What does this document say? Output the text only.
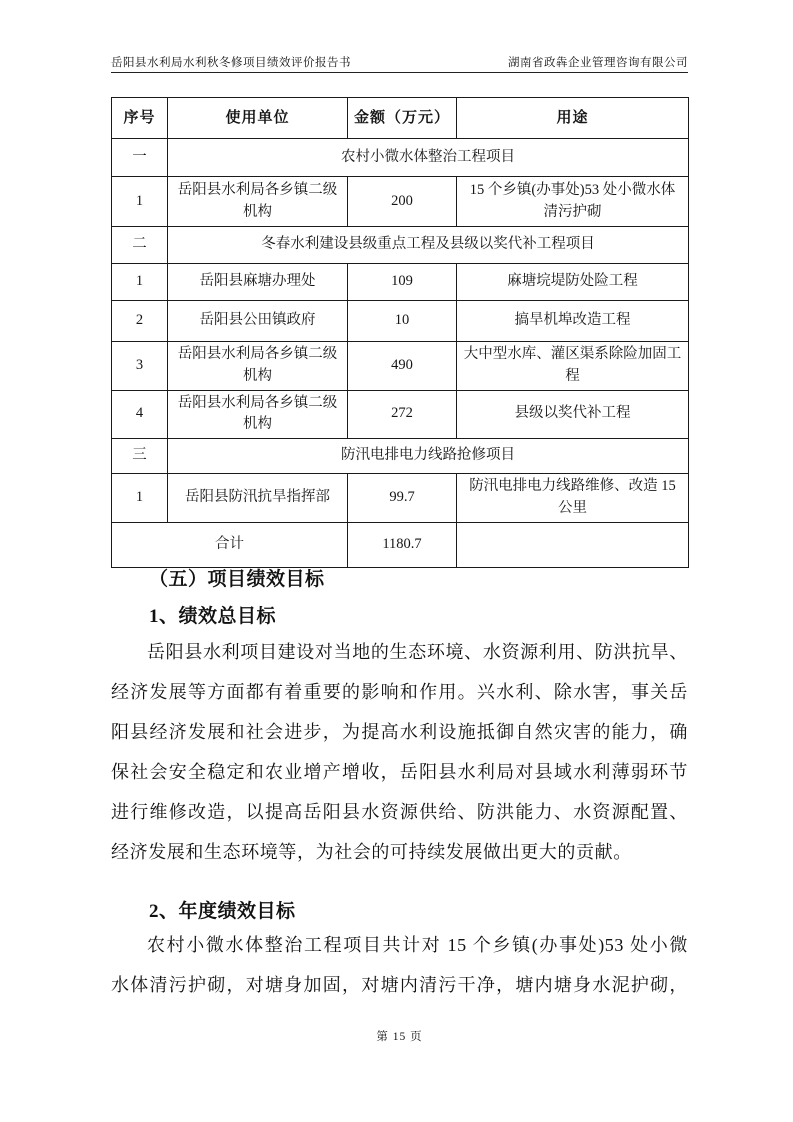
岳阳县水利局水利秋冬修项目绩效评价报告书	湖南省政犇企业管理咨询有限公司
序号	使用单位	金额（万元）	用途
一	农村小微水体整治工程项目		
1	岳阳县水利局各乡镇二级机构	200	15 个乡镇(办事处)53 处小微水体清污护砌
二	冬春水利建设县级重点工程及县级以奖代补工程项目		
1	岳阳县麻塘办理处	109	麻塘垸堤防处险工程
2	岳阳县公田镇政府	10	搞旱机埠改造工程
3	岳阳县水利局各乡镇二级机构	490	大中型水库、灌区渠系除险加固工程
4	岳阳县水利局各乡镇二级机构	272	县级以奖代补工程
三	防汛电排电力线路抢修项目		
1	岳阳县防汛抗旱指挥部	99.7	防汛电排电力线路维修、改造 15 公里
合计		1180.7	
（五）项目绩效目标
1、绩效总目标
岳阳县水利项目建设对当地的生态环境、水资源利用、防洪抗旱、
经济发展等方面都有着重要的影响和作用。兴水利、除水害，事关岳
阳县经济发展和社会进步，为提高水利设施抵御自然灾害的能力，确
保社会安全稳定和农业增产增收，岳阳县水利局对县域水利薄弱环节
进行维修改造，以提高岳阳县水资源供给、防洪能力、水资源配置、
经济发展和生态环境等，为社会的可持续发展做出更大的贡献。
2、年度绩效目标
农村小微水体整治工程项目共计对 15 个乡镇(办事处)53 处小微
水体清污护砌，对塘身加固，对塘内清污干净，塘内塘身水泥护砌，
第 15 页
